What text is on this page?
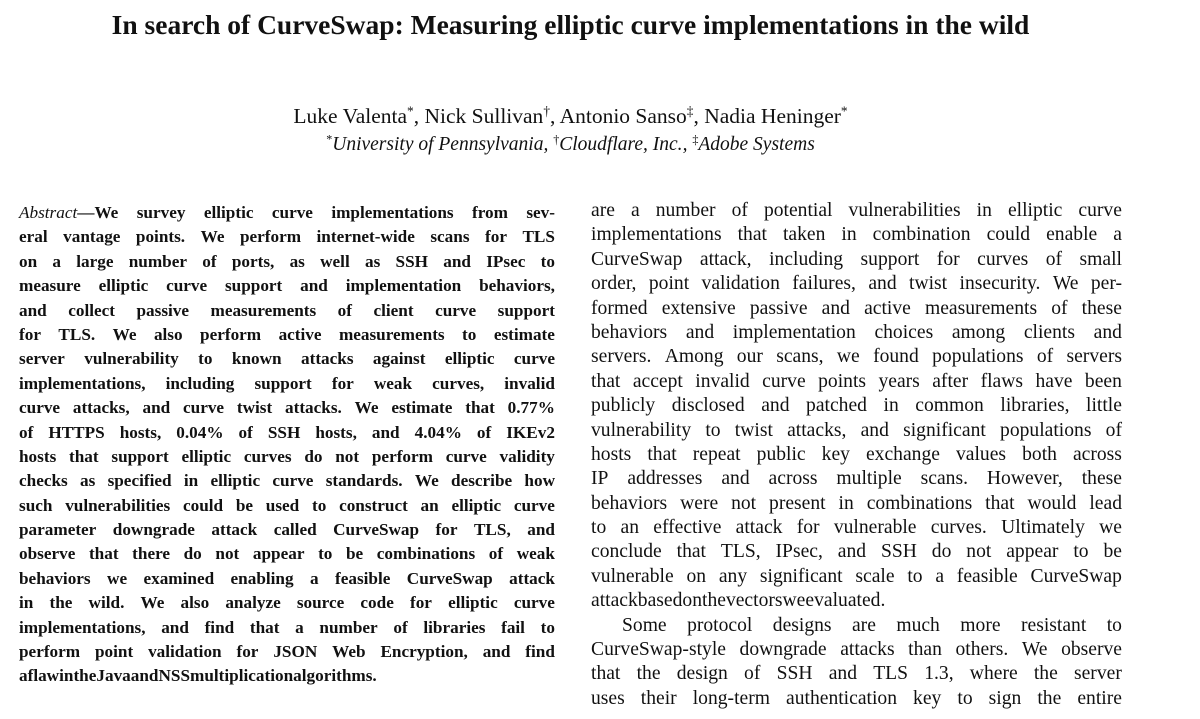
In search of CurveSwap: Measuring elliptic curve implementations in the wild
Luke Valenta*, Nick Sullivan†, Antonio Sanso‡, Nadia Heninger*
*University of Pennsylvania, †Cloudflare, Inc., ‡Adobe Systems
Abstract—We survey elliptic curve implementations from sev-
eral vantage points. We perform internet-wide scans for TLS
on a large number of ports, as well as SSH and IPsec to
measure elliptic curve support and implementation behaviors,
and collect passive measurements of client curve support
for TLS. We also perform active measurements to estimate
server vulnerability to known attacks against elliptic curve
implementations, including support for weak curves, invalid
curve attacks, and curve twist attacks. We estimate that 0.77%
of HTTPS hosts, 0.04% of SSH hosts, and 4.04% of IKEv2
hosts that support elliptic curves do not perform curve validity
checks as specified in elliptic curve standards. We describe how
such vulnerabilities could be used to construct an elliptic curve
parameter downgrade attack called CurveSwap for TLS, and
observe that there do not appear to be combinations of weak
behaviors we examined enabling a feasible CurveSwap attack
in the wild. We also analyze source code for elliptic curve
implementations, and find that a number of libraries fail to
perform point validation for JSON Web Encryption, and find
a flaw in the Java and NSS multiplication algorithms.
are a number of potential vulnerabilities in elliptic curve
implementations that taken in combination could enable a
CurveSwap attack, including support for curves of small
order, point validation failures, and twist insecurity. We per-
formed extensive passive and active measurements of these
behaviors and implementation choices among clients and
servers. Among our scans, we found populations of servers
that accept invalid curve points years after flaws have been
publicly disclosed and patched in common libraries, little
vulnerability to twist attacks, and significant populations of
hosts that repeat public key exchange values both across
IP addresses and across multiple scans. However, these
behaviors were not present in combinations that would lead
to an effective attack for vulnerable curves. Ultimately we
conclude that TLS, IPsec, and SSH do not appear to be
vulnerable on any significant scale to a feasible CurveSwap
attack based on the vectors we evaluated.
Some protocol designs are much more resistant to
CurveSwap-style downgrade attacks than others. We observe
that the design of SSH and TLS 1.3, where the server
uses their long-term authentication key to sign the entire
